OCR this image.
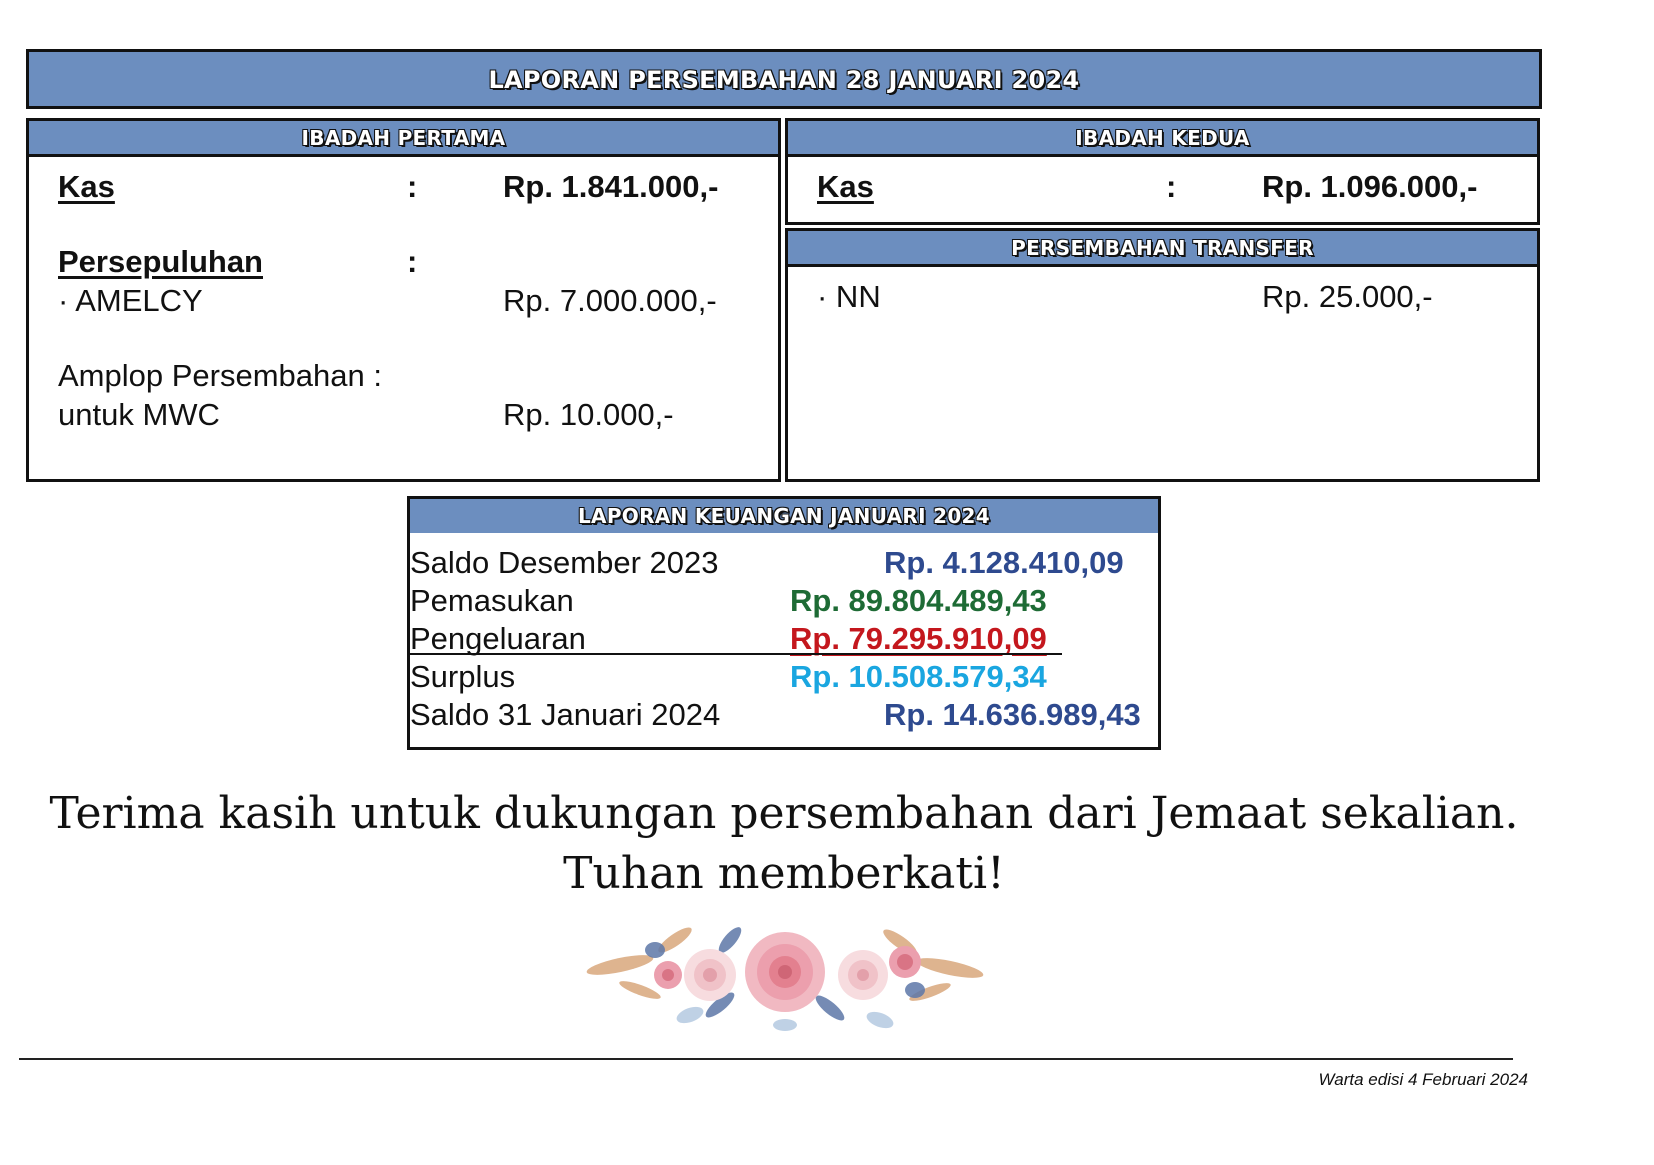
LAPORAN PERSEMBAHAN 28 JANUARI 2024
IBADAH PERTAMA
Kas	:	Rp. 1.841.000,-
Persepuluhan	:
· AMELCY	Rp. 7.000.000,-
Amplop Persembahan :
untuk MWC	Rp. 10.000,-
IBADAH KEDUA
Kas	:	Rp. 1.096.000,-
PERSEMBAHAN TRANSFER
· NN	Rp. 25.000,-
LAPORAN KEUANGAN JANUARI 2024
Saldo Desember 2023	Rp. 4.128.410,09
Pemasukan	Rp. 89.804.489,43
Pengeluaran	Rp. 79.295.910,09
Surplus	Rp. 10.508.579,34
Saldo 31 Januari 2024	Rp. 14.636.989,43
Terima kasih untuk dukungan persembahan dari Jemaat sekalian.
Tuhan memberkati!
Warta edisi 4 Februari 2024
